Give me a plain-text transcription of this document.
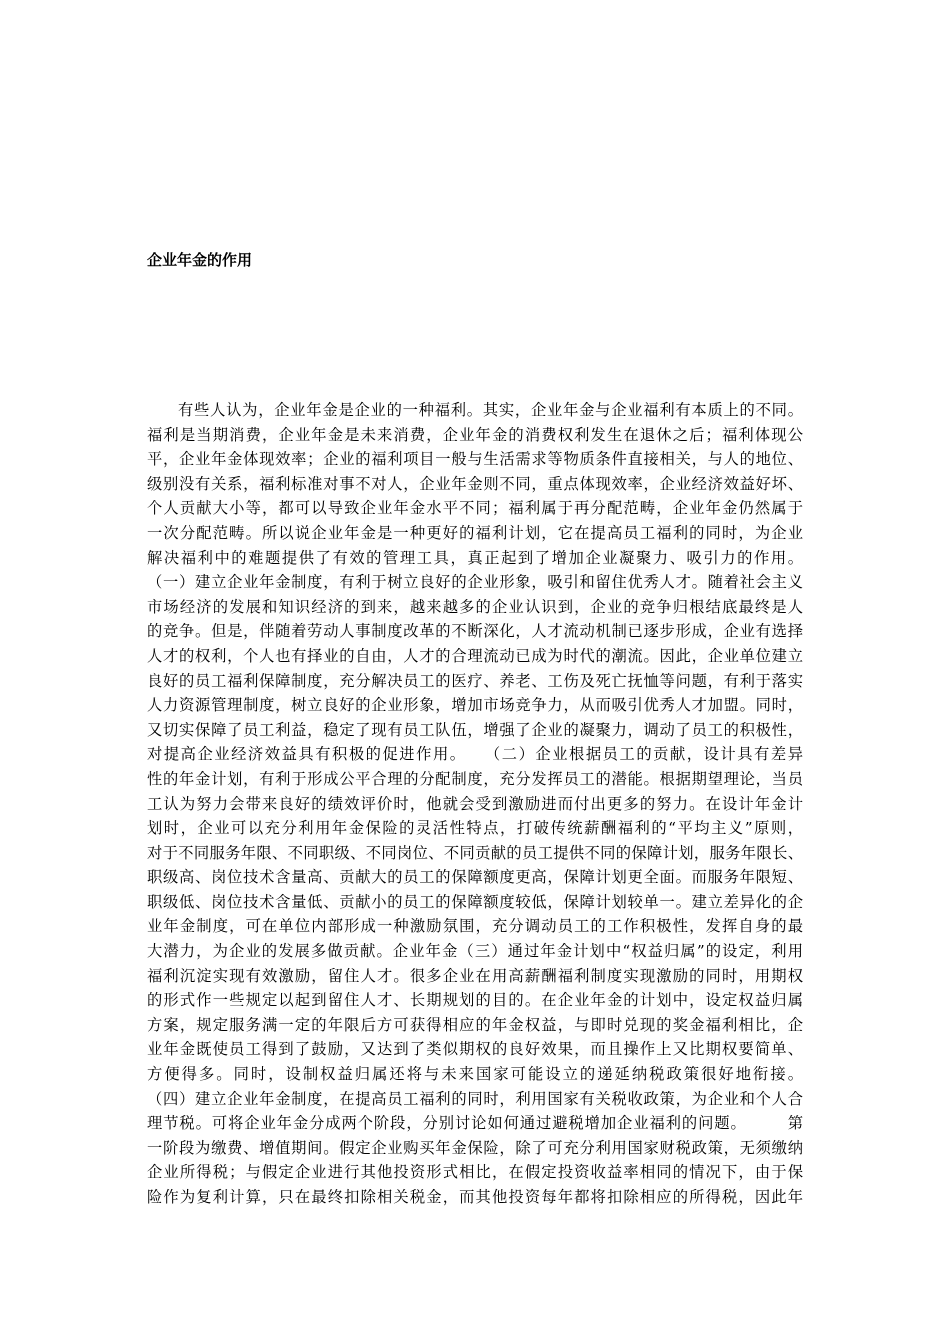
企业年金的作用
有些人认为，企业年金是企业的一种福利。其实，企业年金与企业福利有本质上的不同。
福利是当期消费，企业年金是未来消费，企业年金的消费权利发生在退休之后；福利体现公
平，企业年金体现效率；企业的福利项目一般与生活需求等物质条件直接相关，与人的地位、
级别没有关系，福利标准对事不对人，企业年金则不同，重点体现效率，企业经济效益好坏、
个人贡献大小等，都可以导致企业年金水平不同；福利属于再分配范畴，企业年金仍然属于
一次分配范畴。所以说企业年金是一种更好的福利计划，它在提高员工福利的同时，为企业
解决福利中的难题提供了有效的管理工具，真正起到了增加企业凝聚力、吸引力的作用。
（一）建立企业年金制度，有利于树立良好的企业形象，吸引和留住优秀人才。随着社会主义
市场经济的发展和知识经济的到来，越来越多的企业认识到，企业的竞争归根结底最终是人
的竞争。但是，伴随着劳动人事制度改革的不断深化，人才流动机制已逐步形成，企业有选择
人才的权利，个人也有择业的自由，人才的合理流动已成为时代的潮流。因此，企业单位建立
良好的员工福利保障制度，充分解决员工的医疗、养老、工伤及死亡抚恤等问题，有利于落实
人力资源管理制度，树立良好的企业形象，增加市场竞争力，从而吸引优秀人才加盟。同时，
又切实保障了员工利益，稳定了现有员工队伍，增强了企业的凝聚力，调动了员工的积极性，
对提高企业经济效益具有积极的促进作用。　　（二）企业根据员工的贡献，设计具有差异
性的年金计划，有利于形成公平合理的分配制度，充分发挥员工的潜能。根据期望理论，当员
工认为努力会带来良好的绩效评价时，他就会受到激励进而付出更多的努力。在设计年金计
划时，企业可以充分利用年金保险的灵活性特点，打破传统薪酬福利的“平均主义”原则，
对于不同服务年限、不同职级、不同岗位、不同贡献的员工提供不同的保障计划，服务年限长、
职级高、岗位技术含量高、贡献大的员工的保障额度更高，保障计划更全面。而服务年限短、
职级低、岗位技术含量低、贡献小的员工的保障额度较低，保障计划较单一。建立差异化的企
业年金制度，可在单位内部形成一种激励氛围，充分调动员工的工作积极性，发挥自身的最
大潜力，为企业的发展多做贡献。企业年金（三）通过年金计划中“权益归属”的设定，利用
福利沉淀实现有效激励，留住人才。很多企业在用高薪酬福利制度实现激励的同时，用期权
的形式作一些规定以起到留住人才、长期规划的目的。在企业年金的计划中，设定权益归属
方案，规定服务满一定的年限后方可获得相应的年金权益，与即时兑现的奖金福利相比，企
业年金既使员工得到了鼓励，又达到了类似期权的良好效果，而且操作上又比期权要简单、
方便得多。同时，设制权益归属还将与未来国家可能设立的递延纳税政策很好地衔接。
（四）建立企业年金制度，在提高员工福利的同时，利用国家有关税收政策，为企业和个人合
理节税。可将企业年金分成两个阶段，分别讨论如何通过避税增加企业福利的问题。　　　第
一阶段为缴费、增值期间。假定企业购买年金保险，除了可充分利用国家财税政策，无须缴纳
企业所得税；与假定企业进行其他投资形式相比，在假定投资收益率相同的情况下，由于保
险作为复利计算，只在最终扣除相关税金，而其他投资每年都将扣除相应的所得税，因此年
